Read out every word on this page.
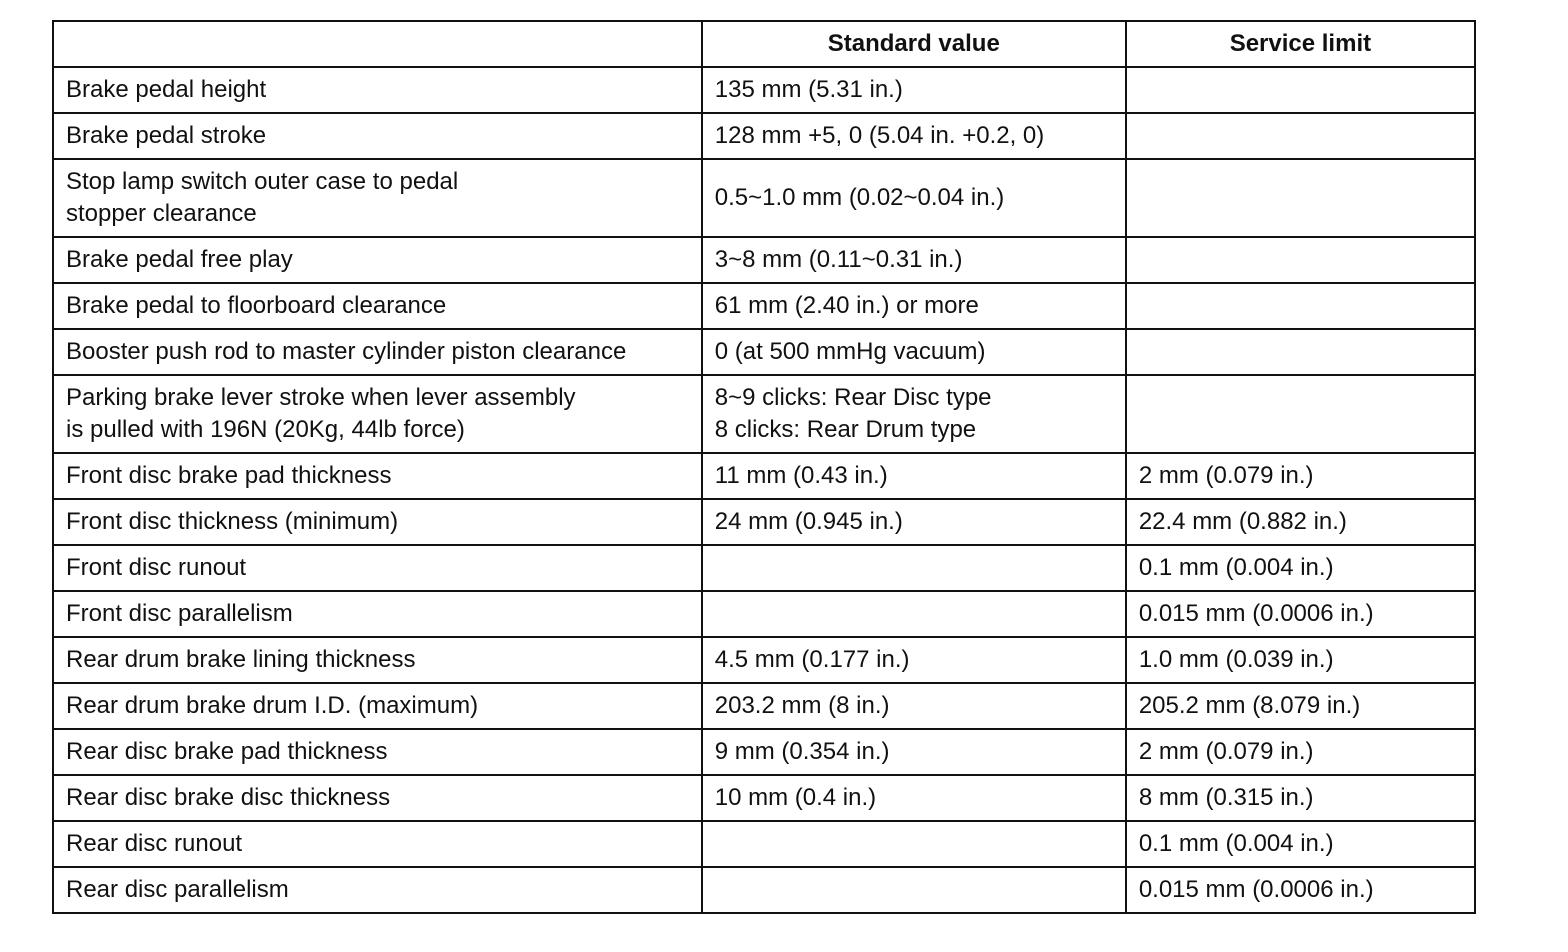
	Standard value	Service limit

Brake pedal height	135 mm (5.31 in.)	

Brake pedal stroke	128 mm +5, 0 (5.04 in. +0.2, 0)	

Stop lamp switch outer case to pedal
stopper clearance	0.5~1.0 mm (0.02~0.04 in.)	

Brake pedal free play	3~8 mm (0.11~0.31 in.)	

Brake pedal to floorboard clearance	61 mm (2.40 in.) or more	

Booster push rod to master cylinder piston clearance	0 (at 500 mmHg vacuum)	

Parking brake lever stroke when lever assembly
is pulled with 196N (20Kg, 44lb force)	8~9 clicks: Rear Disc type
8 clicks: Rear Drum type	

Front disc brake pad thickness	11 mm (0.43 in.)	2 mm (0.079 in.)

Front disc thickness (minimum)	24 mm (0.945 in.)	22.4 mm (0.882 in.)

Front disc runout		0.1 mm (0.004 in.)

Front disc parallelism		0.015 mm (0.0006 in.)

Rear drum brake lining thickness	4.5 mm (0.177 in.)	1.0 mm (0.039 in.)

Rear drum brake drum I.D. (maximum)	203.2 mm (8 in.)	205.2 mm (8.079 in.)

Rear disc brake pad thickness	9 mm (0.354 in.)	2 mm (0.079 in.)

Rear disc brake disc thickness	10 mm (0.4 in.)	8 mm (0.315 in.)

Rear disc runout		0.1 mm (0.004 in.)

Rear disc parallelism		0.015 mm (0.0006 in.)
